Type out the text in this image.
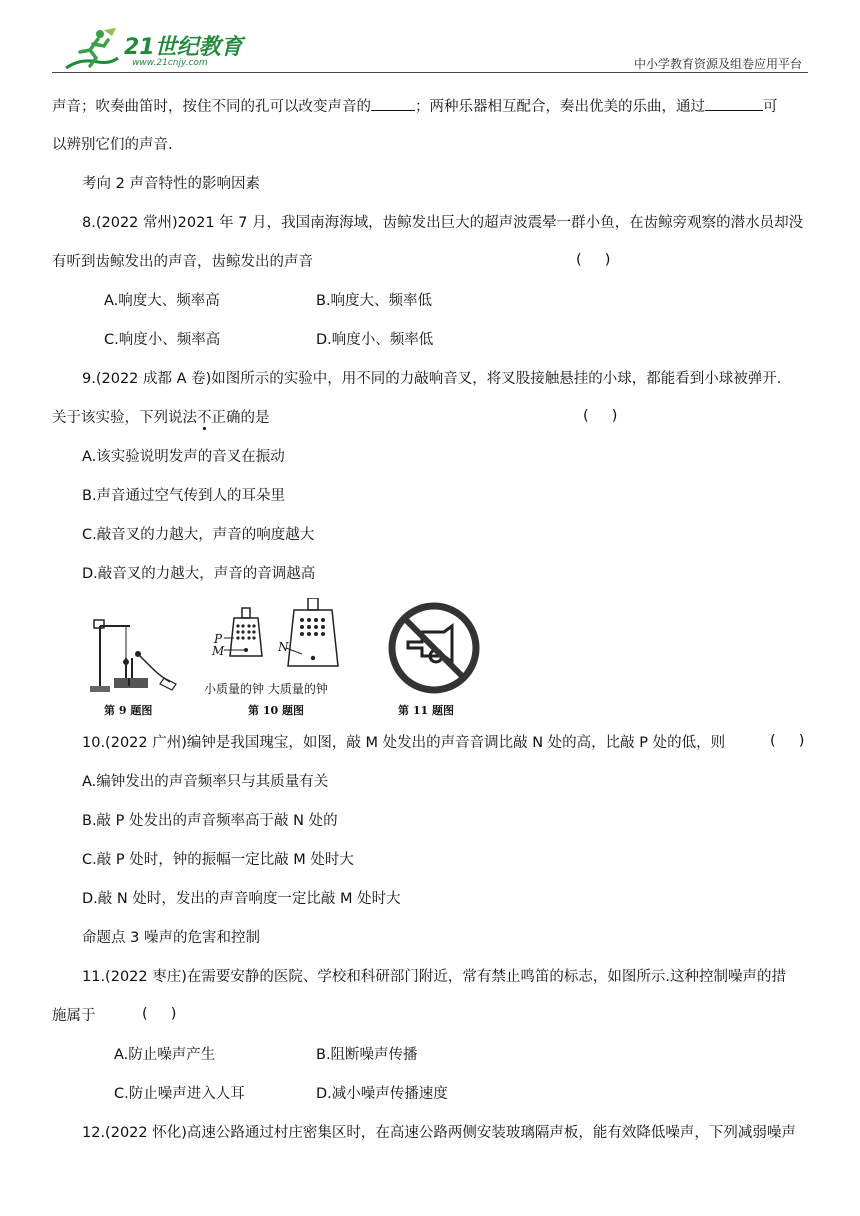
21世纪教育
www.21cnjy.com	中小学教育资源及组卷应用平台
声音；吹奏曲笛时，按住不同的孔可以改变声音的	；两种乐器相互配合，奏出优美的乐曲，通过	可
以辨别它们的声音.
考向 2 声音特性的影响因素
8.(2022 常州)2021 年 7 月，我国南海海域，齿鲸发出巨大的超声波震晕一群小鱼，在齿鲸旁观察的潜水员却没
有听到齿鲸发出的声音，齿鲸发出的声音	(     )
A.响度大、频率高	B.响度大、频率低
C.响度小、频率高	D.响度小、频率低
9.(2022 成都 A 卷)如图所示的实验中，用不同的力敲响音叉，将叉股接触悬挂的小球，都能看到小球被弹开.
关于该实验，下列说法不正确的是	(     )
A.该实验说明发声的音叉在振动
B.声音通过空气传到人的耳朵里
C.敲音叉的力越大，声音的响度越大
D.敲音叉的力越大，声音的音调越高
第 9 题图
P
M	N
小质量的钟 大质量的钟
第 10 题图	第 11 题图
10.(2022 广州)编钟是我国瑰宝，如图，敲 M 处发出的声音音调比敲 N 处的高，比敲 P 处的低，则	(     )
A.编钟发出的声音频率只与其质量有关
B.敲 P 处发出的声音频率高于敲 N 处的
C.敲 P 处时，钟的振幅一定比敲 M 处时大
D.敲 N 处时，发出的声音响度一定比敲 M 处时大
命题点 3 噪声的危害和控制
11.(2022 枣庄)在需要安静的医院、学校和科研部门附近，常有禁止鸣笛的标志，如图所示.这种控制噪声的措
施属于	(     )
A.防止噪声产生	B.阻断噪声传播
C.防止噪声进入人耳	D.减小噪声传播速度
12.(2022 怀化)高速公路通过村庄密集区时，在高速公路两侧安装玻璃隔声板，能有效降低噪声，下列减弱噪声
